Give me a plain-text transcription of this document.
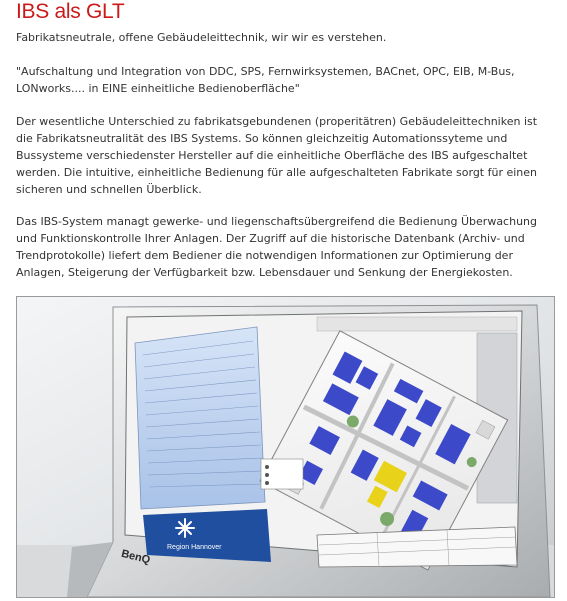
IBS als GLT

Fabrikatsneutrale, offene Gebäudeleittechnik, wir wir es verstehen.

"Aufschaltung und Integration von DDC, SPS, Fernwirksystemen, BACnet, OPC, EIB, M-Bus, LONworks.... in EINE einheitliche Bedienoberfläche"

Der wesentliche Unterschied zu fabrikatsgebundenen (properitätren) Gebäudeleittechniken ist die Fabrikatsneutralität des IBS Systems. So können gleichzeitig Automationssyteme und Bussysteme verschiedenster Hersteller auf die einheitliche Oberfläche des IBS aufgeschaltet werden. Die intuitive, einheitliche Bedienung für alle aufgeschalteten Fabrikate sorgt für einen sicheren und schnellen Überblick.

Das IBS-System managt gewerke- und liegenschaftsübergreifend die Bedienung Überwachung und Funktionskontrolle Ihrer Anlagen. Der Zugriff auf die historische Datenbank (Archiv- und Trendprotokolle) liefert dem Bediener die notwendigen Informationen zur Optimierung der Anlagen, Steigerung der Verfügbarkeit bzw. Lebensdauer und Senkung der Energiekosten.

Region Hannover
BenQ
